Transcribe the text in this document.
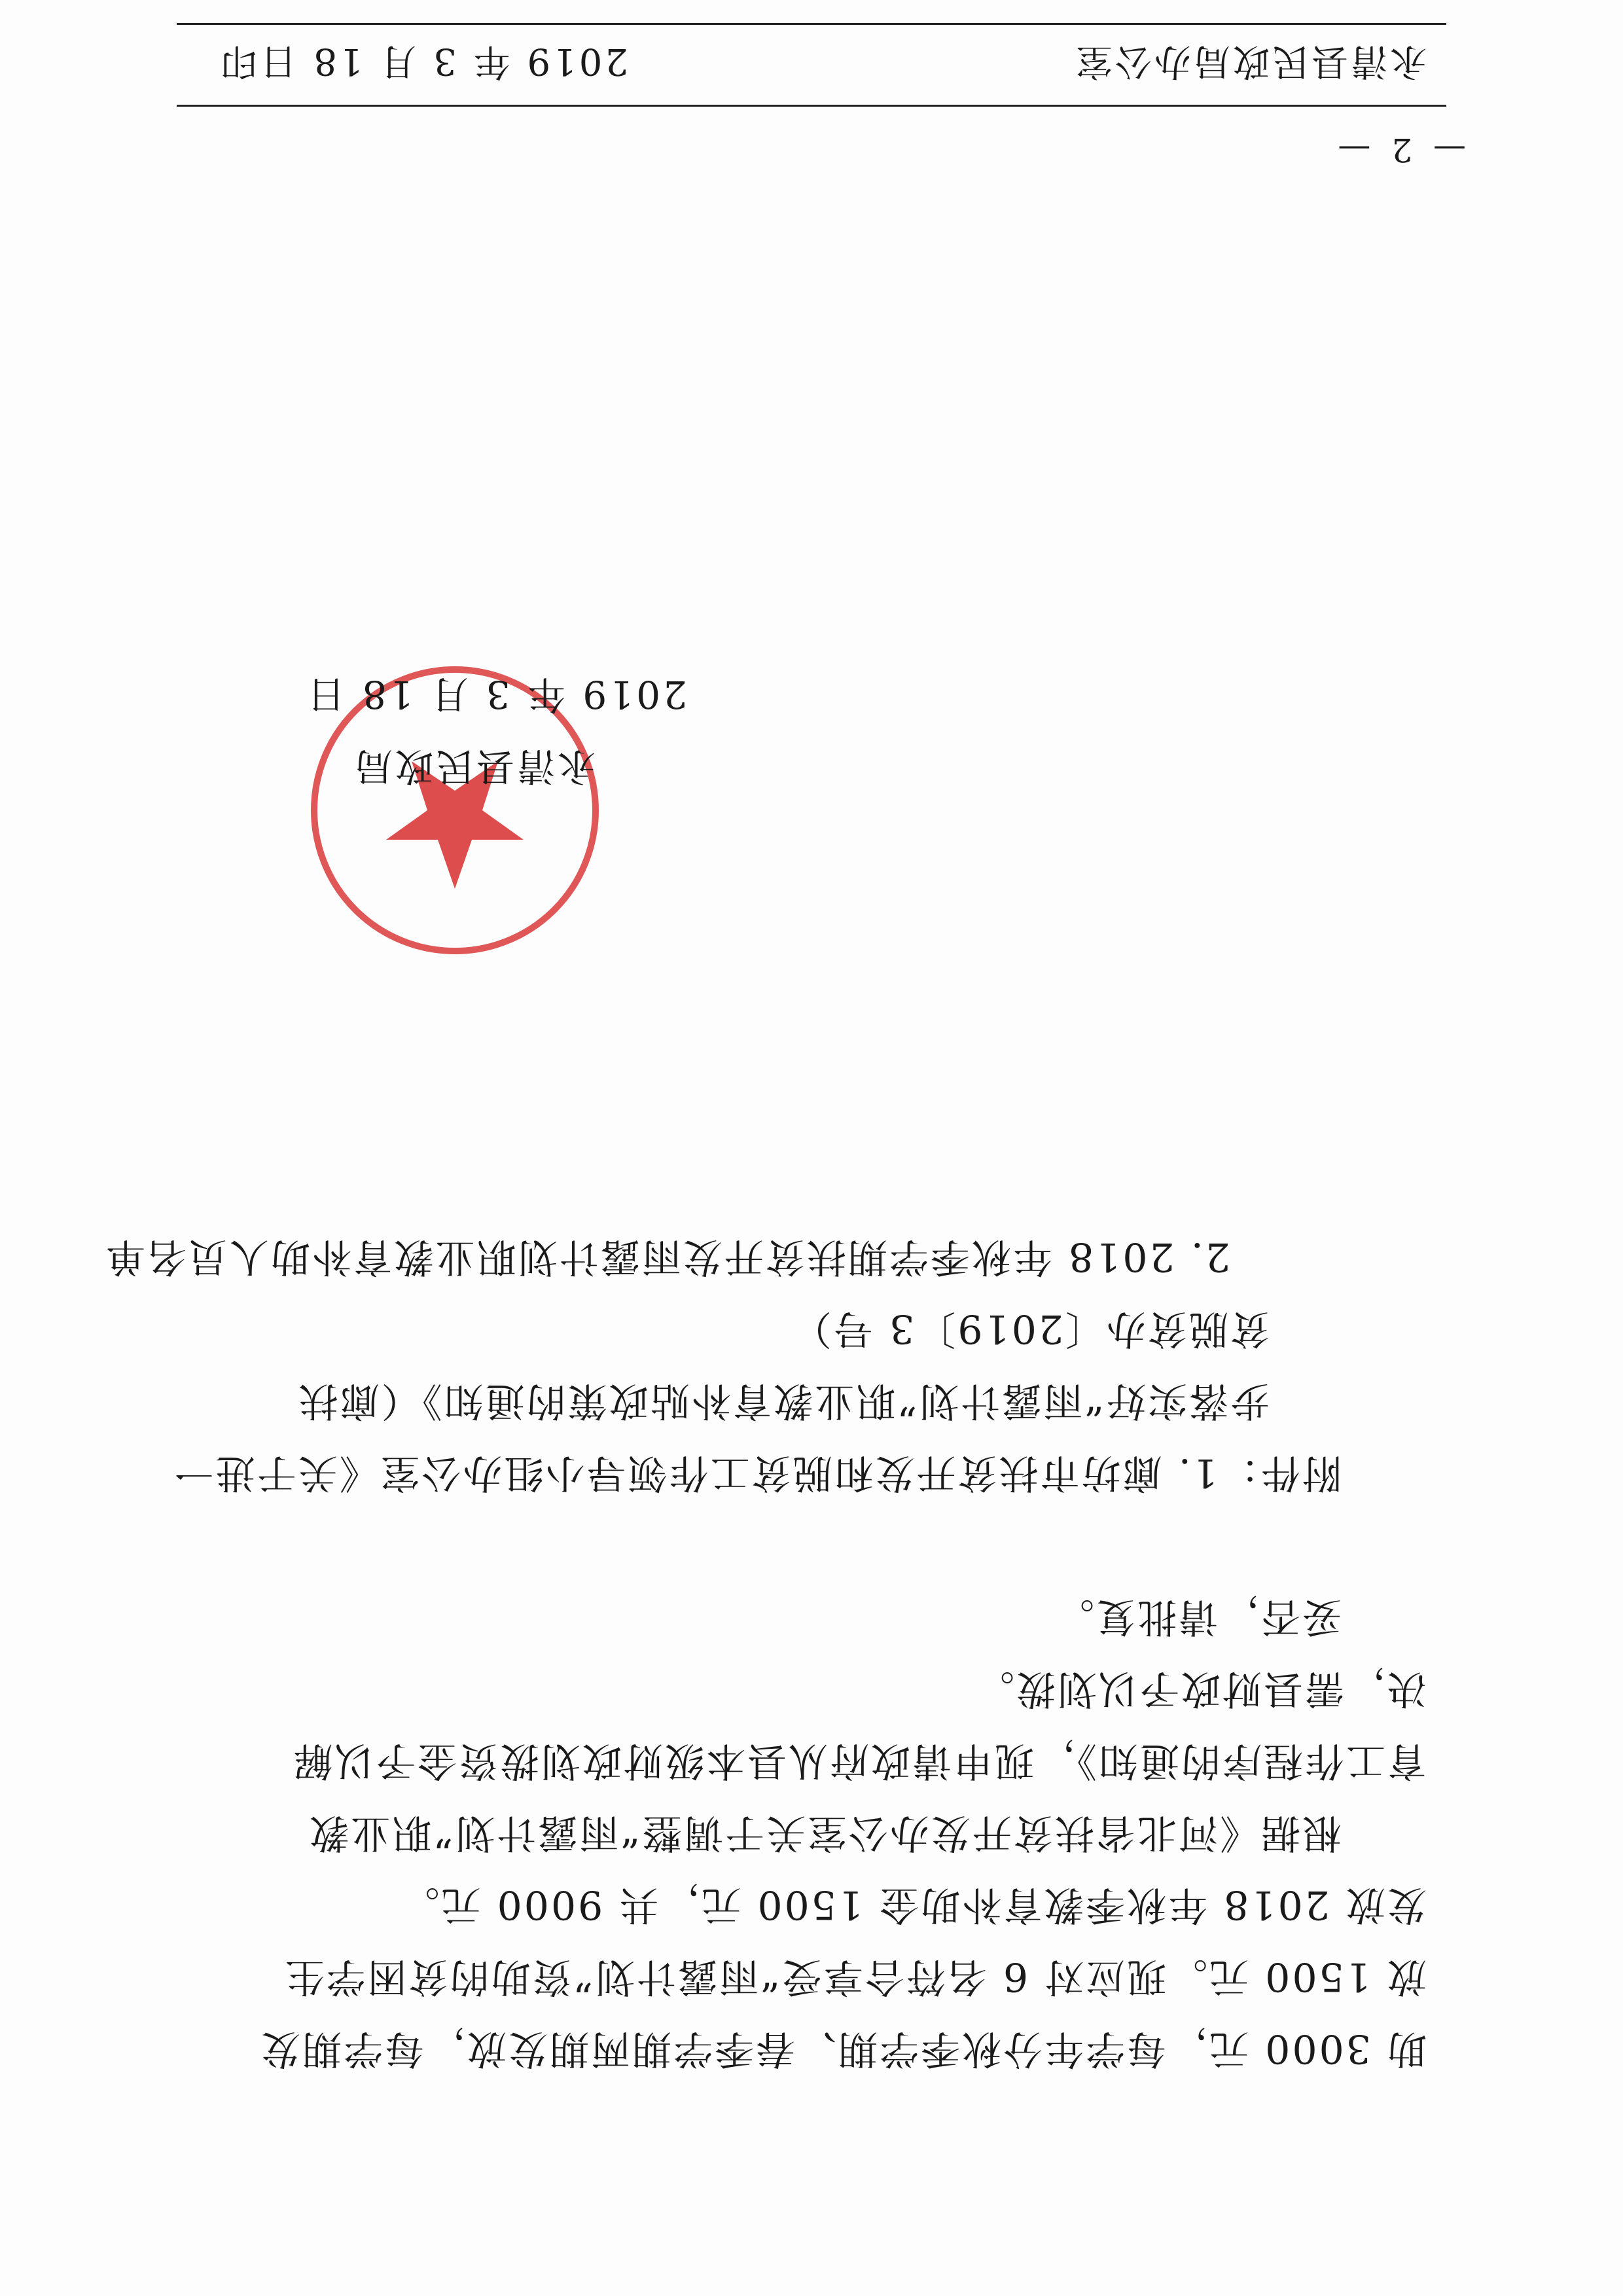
助 3000 元，每学年分秋季学期、春季学期两期发放，每学期发
放 1500 元。现应对 6 名符合享受“雨露计划”资助的贫困学生
发放 2018 年秋季教育补助金 1500 元，共 9000 元。
根据《河北省扶贫开发办公室关于调整“雨露计划”职业教
育工作程序的通知》，现申请政府从县本级财政划拨资金予以解
决，需县财政予以划拨。
妥否，请批复。
附件：1. 廊坊市扶贫开发和脱贫工作领导小组办公室《关于进一
步落实好“雨露计划”职业教育补贴政策的通知》（廊扶
贫脱贫办〔2019〕3 号）
2. 2018 年秋季学期扶贫开发雨露计划职业教育补助人员名单
永清县民政局
2019 年 3 月 18 日
永清县民政局办公室
2019 年 3 月 18 日印
— 2 —
